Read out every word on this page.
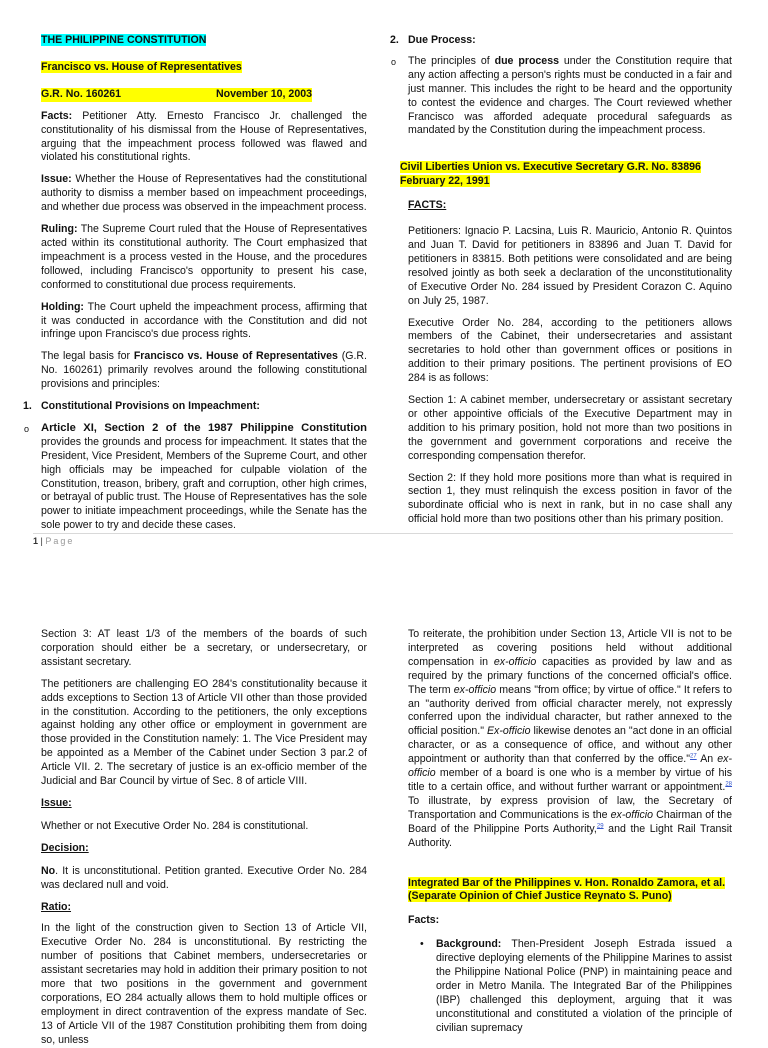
THE PHILIPPINE CONSTITUTION

Francisco vs. House of Representatives

G.R. No. 160261	November 10, 2003

Facts: Petitioner Atty. Ernesto Francisco Jr. challenged the constitutionality of his dismissal from the House of Representatives, arguing that the impeachment process followed was flawed and violated his constitutional rights.

Issue: Whether the House of Representatives had the constitutional authority to dismiss a member based on impeachment proceedings, and whether due process was observed in the impeachment process.

Ruling: The Supreme Court ruled that the House of Representatives acted within its constitutional authority. The Court emphasized that impeachment is a process vested in the House, and the procedures followed, including Francisco's opportunity to present his case, conformed to constitutional due process requirements.

Holding: The Court upheld the impeachment process, affirming that it was conducted in accordance with the Constitution and did not infringe upon Francisco's due process rights.

The legal basis for Francisco vs. House of Representatives (G.R. No. 160261) primarily revolves around the following constitutional provisions and principles:

1. Constitutional Provisions on Impeachment:

o Article XI, Section 2 of the 1987 Philippine Constitution provides the grounds and process for impeachment. It states that the President, Vice President, Members of the Supreme Court, and other high officials may be impeached for culpable violation of the Constitution, treason, bribery, graft and corruption, other high crimes, or betrayal of public trust. The House of Representatives has the sole power to initiate impeachment proceedings, while the Senate has the sole power to try and decide these cases.

2. Due Process:

o The principles of due process under the Constitution require that any action affecting a person's rights must be conducted in a fair and just manner. This includes the right to be heard and the opportunity to contest the evidence and charges. The Court reviewed whether Francisco was afforded adequate procedural safeguards as mandated by the Constitution during the impeachment process.

Civil Liberties Union vs. Executive Secretary G.R. No. 83896 February 22, 1991

FACTS:

Petitioners: Ignacio P. Lacsina, Luis R. Mauricio, Antonio R. Quintos and Juan T. David for petitioners in 83896 and Juan T. David for petitioners in 83815. Both petitions were consolidated and are being resolved jointly as both seek a declaration of the unconstitutionality of Executive Order No. 284 issued by President Corazon C. Aquino on July 25, 1987.

Executive Order No. 284, according to the petitioners allows members of the Cabinet, their undersecretaries and assistant secretaries to hold other than government offices or positions in addition to their primary positions. The pertinent provisions of EO 284 is as follows:

Section 1: A cabinet member, undersecretary or assistant secretary or other appointive officials of the Executive Department may in addition to his primary position, hold not more than two positions in the government and government corporations and receive the corresponding compensation therefor.

Section 2: If they hold more positions more than what is required in section 1, they must relinquish the excess position in favor of the subordinate official who is next in rank, but in no case shall any official hold more than two positions other than his primary position.

1 | Page

Section 3: AT least 1/3 of the members of the boards of such corporation should either be a secretary, or undersecretary, or assistant secretary.

The petitioners are challenging EO 284's constitutionality because it adds exceptions to Section 13 of Article VII other than those provided in the constitution. According to the petitioners, the only exceptions against holding any other office or employment in government are those provided in the Constitution namely: 1. The Vice President may be appointed as a Member of the Cabinet under Section 3 par.2 of Article VII. 2. The secretary of justice is an ex-officio member of the Judicial and Bar Council by virtue of Sec. 8 of article VIII.

Issue:

Whether or not Executive Order No. 284 is constitutional.

Decision:

No. It is unconstitutional. Petition granted. Executive Order No. 284 was declared null and void.

Ratio:

In the light of the construction given to Section 13 of Article VII, Executive Order No. 284 is unconstitutional. By restricting the number of positions that Cabinet members, undersecretaries or assistant secretaries may hold in addition their primary position to not more that two positions in the government and government corporations, EO 284 actually allows them to hold multiple offices or employment in direct contravention of the express mandate of Sec. 13 of Article VII of the 1987 Constitution prohibiting them from doing so, unless

To reiterate, the prohibition under Section 13, Article VII is not to be interpreted as covering positions held without additional compensation in ex-officio capacities as provided by law and as required by the primary functions of the concerned official's office. The term ex-officio means "from office; by virtue of office." It refers to an "authority derived from official character merely, not expressly conferred upon the individual character, but rather annexed to the official position." Ex-officio likewise denotes an "act done in an official character, or as a consequence of office, and without any other appointment or authority than that conferred by the office."$^{27}$ An ex-officio member of a board is one who is a member by virtue of his title to a certain office, and without further warrant or appointment.$^{28}$ To illustrate, by express provision of law, the Secretary of Transportation and Communications is the ex-officio Chairman of the Board of the Philippine Ports Authority,$^{29}$ and the Light Rail Transit Authority.

Integrated Bar of the Philippines v. Hon. Ronaldo Zamora, et al. (Separate Opinion of Chief Justice Reynato S. Puno)

Facts:

• Background: Then-President Joseph Estrada issued a directive deploying elements of the Philippine Marines to assist the Philippine National Police (PNP) in maintaining peace and order in Metro Manila. The Integrated Bar of the Philippines (IBP) challenged this deployment, arguing that it was unconstitutional and constituted a violation of the principle of civilian supremacy
